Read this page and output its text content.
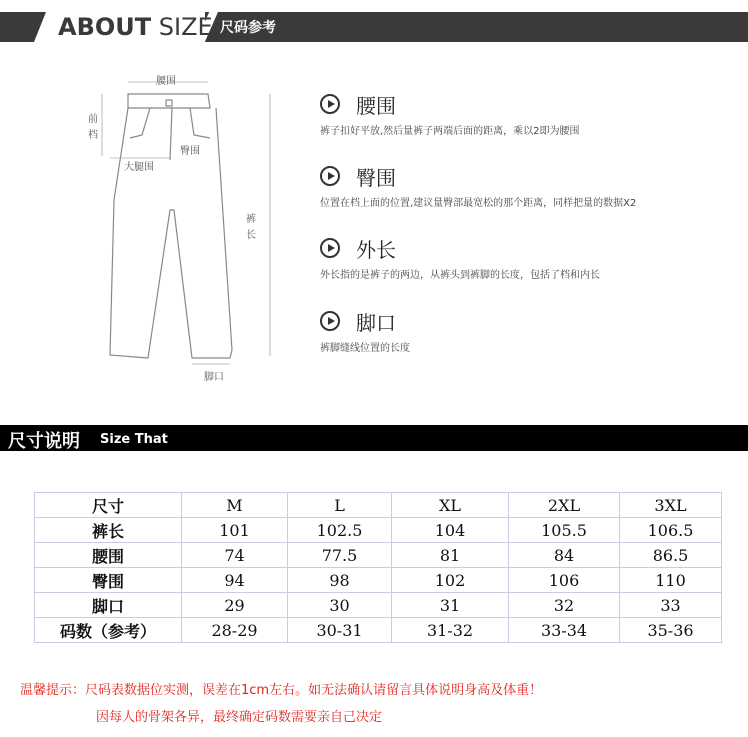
ABOUT SIZE 尺码参考
腰围
前
档
臀围
大腿围
裤
长
脚口
腰围
裤子扣好平放,然后量裤子两端后面的距离，乘以2即为腰围
臀围
位置在档上面的位置,建议量臀部最宽松的那个距离，同样把量的数据X2
外长
外长指的是裤子的两边，从裤头到裤脚的长度，包括了档和内长
脚口
裤脚缝线位置的长度
尺寸说明 Size That
尺寸	M	L	XL	2XL	3XL
裤长	101	102.5	104	105.5	106.5
腰围	74	77.5	81	84	86.5
臀围	94	98	102	106	110
脚口	29	30	31	32	33
码数（参考）	28-29	30-31	31-32	33-34	35-36
温馨提示：尺码表数据位实测，误差在1cm左右。如无法确认请留言具体说明身高及体重！
因每人的骨架各异，最终确定码数需要亲自己决定
